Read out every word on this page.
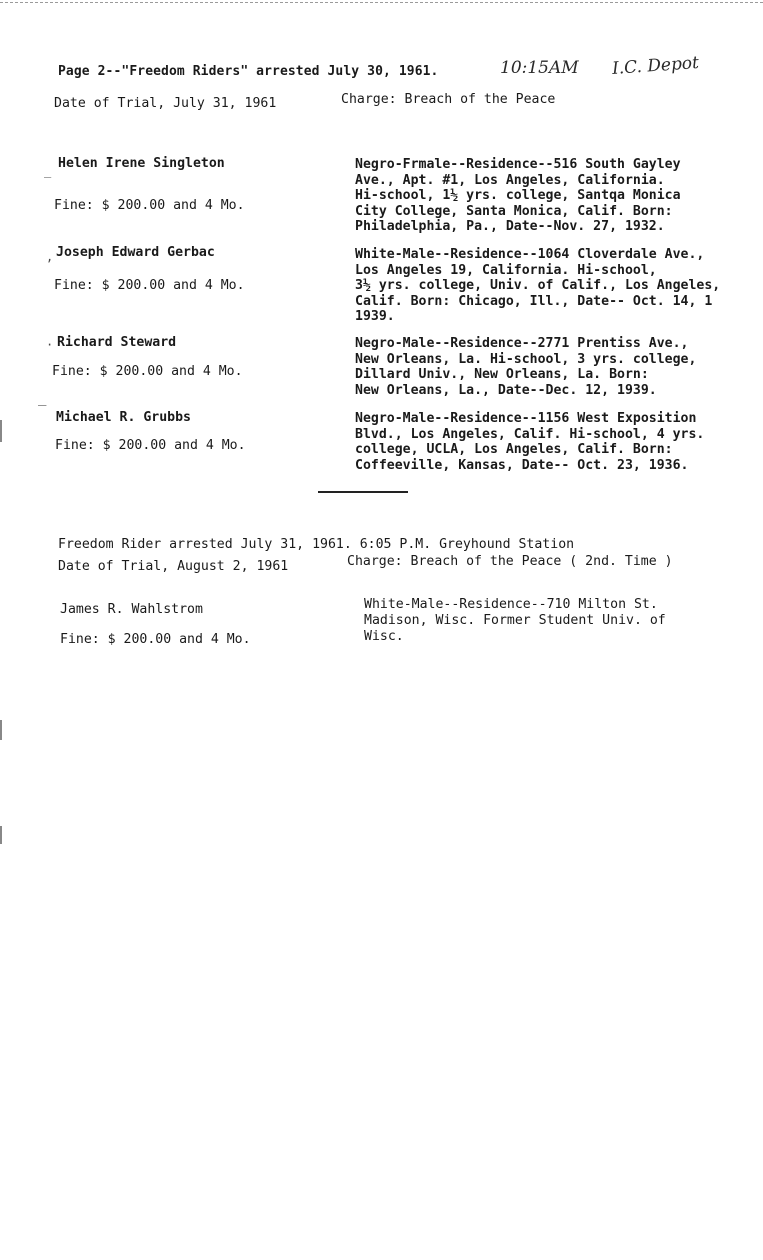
Page 2--"Freedom Riders" arrested July 30, 1961.	10:15AM I.C. Depot
Date of Trial, July 31, 1961	Charge: Breach of the Peace
_ Helen Irene Singleton
Fine: $ 200.00 and 4 Mo.
Negro-Frmale--Residence--516 South Gayley
Ave., Apt. #1, Los Angeles, California.
Hi-school, 1½ yrs. college, Santqa Monica
City College, Santa Monica, Calif. Born:
Philadelphia, Pa., Date--Nov. 27, 1932.
, Joseph Edward Gerbac
Fine: $ 200.00 and 4 Mo.
White-Male--Residence--1064 Cloverdale Ave.,
Los Angeles 19, California. Hi-school,
3½ yrs. college, Univ. of Calif., Los Angeles,
Calif. Born: Chicago, Ill., Date-- Oct. 14, 1
1939.
· Richard Steward
Fine: $ 200.00 and 4 Mo.
Negro-Male--Residence--2771 Prentiss Ave.,
New Orleans, La. Hi-school, 3 yrs. college,
Dillard Univ., New Orleans, La. Born:
New Orleans, La., Date--Dec. 12, 1939.
‾ Michael R. Grubbs
Fine: $ 200.00 and 4 Mo.
Negro-Male--Residence--1156 West Exposition
Blvd., Los Angeles, Calif. Hi-school, 4 yrs.
college, UCLA, Los Angeles, Calif. Born:
Coffeeville, Kansas, Date-- Oct. 23, 1936.
Freedom Rider arrested July 31, 1961. 6:05 P.M. Greyhound Station
Date of Trial, August 2, 1961	Charge: Breach of the Peace ( 2nd. Time )
James R. Wahlstrom
Fine: $ 200.00 and 4 Mo.
White-Male--Residence--710 Milton St.
Madison, Wisc. Former Student Univ. of
Wisc.
